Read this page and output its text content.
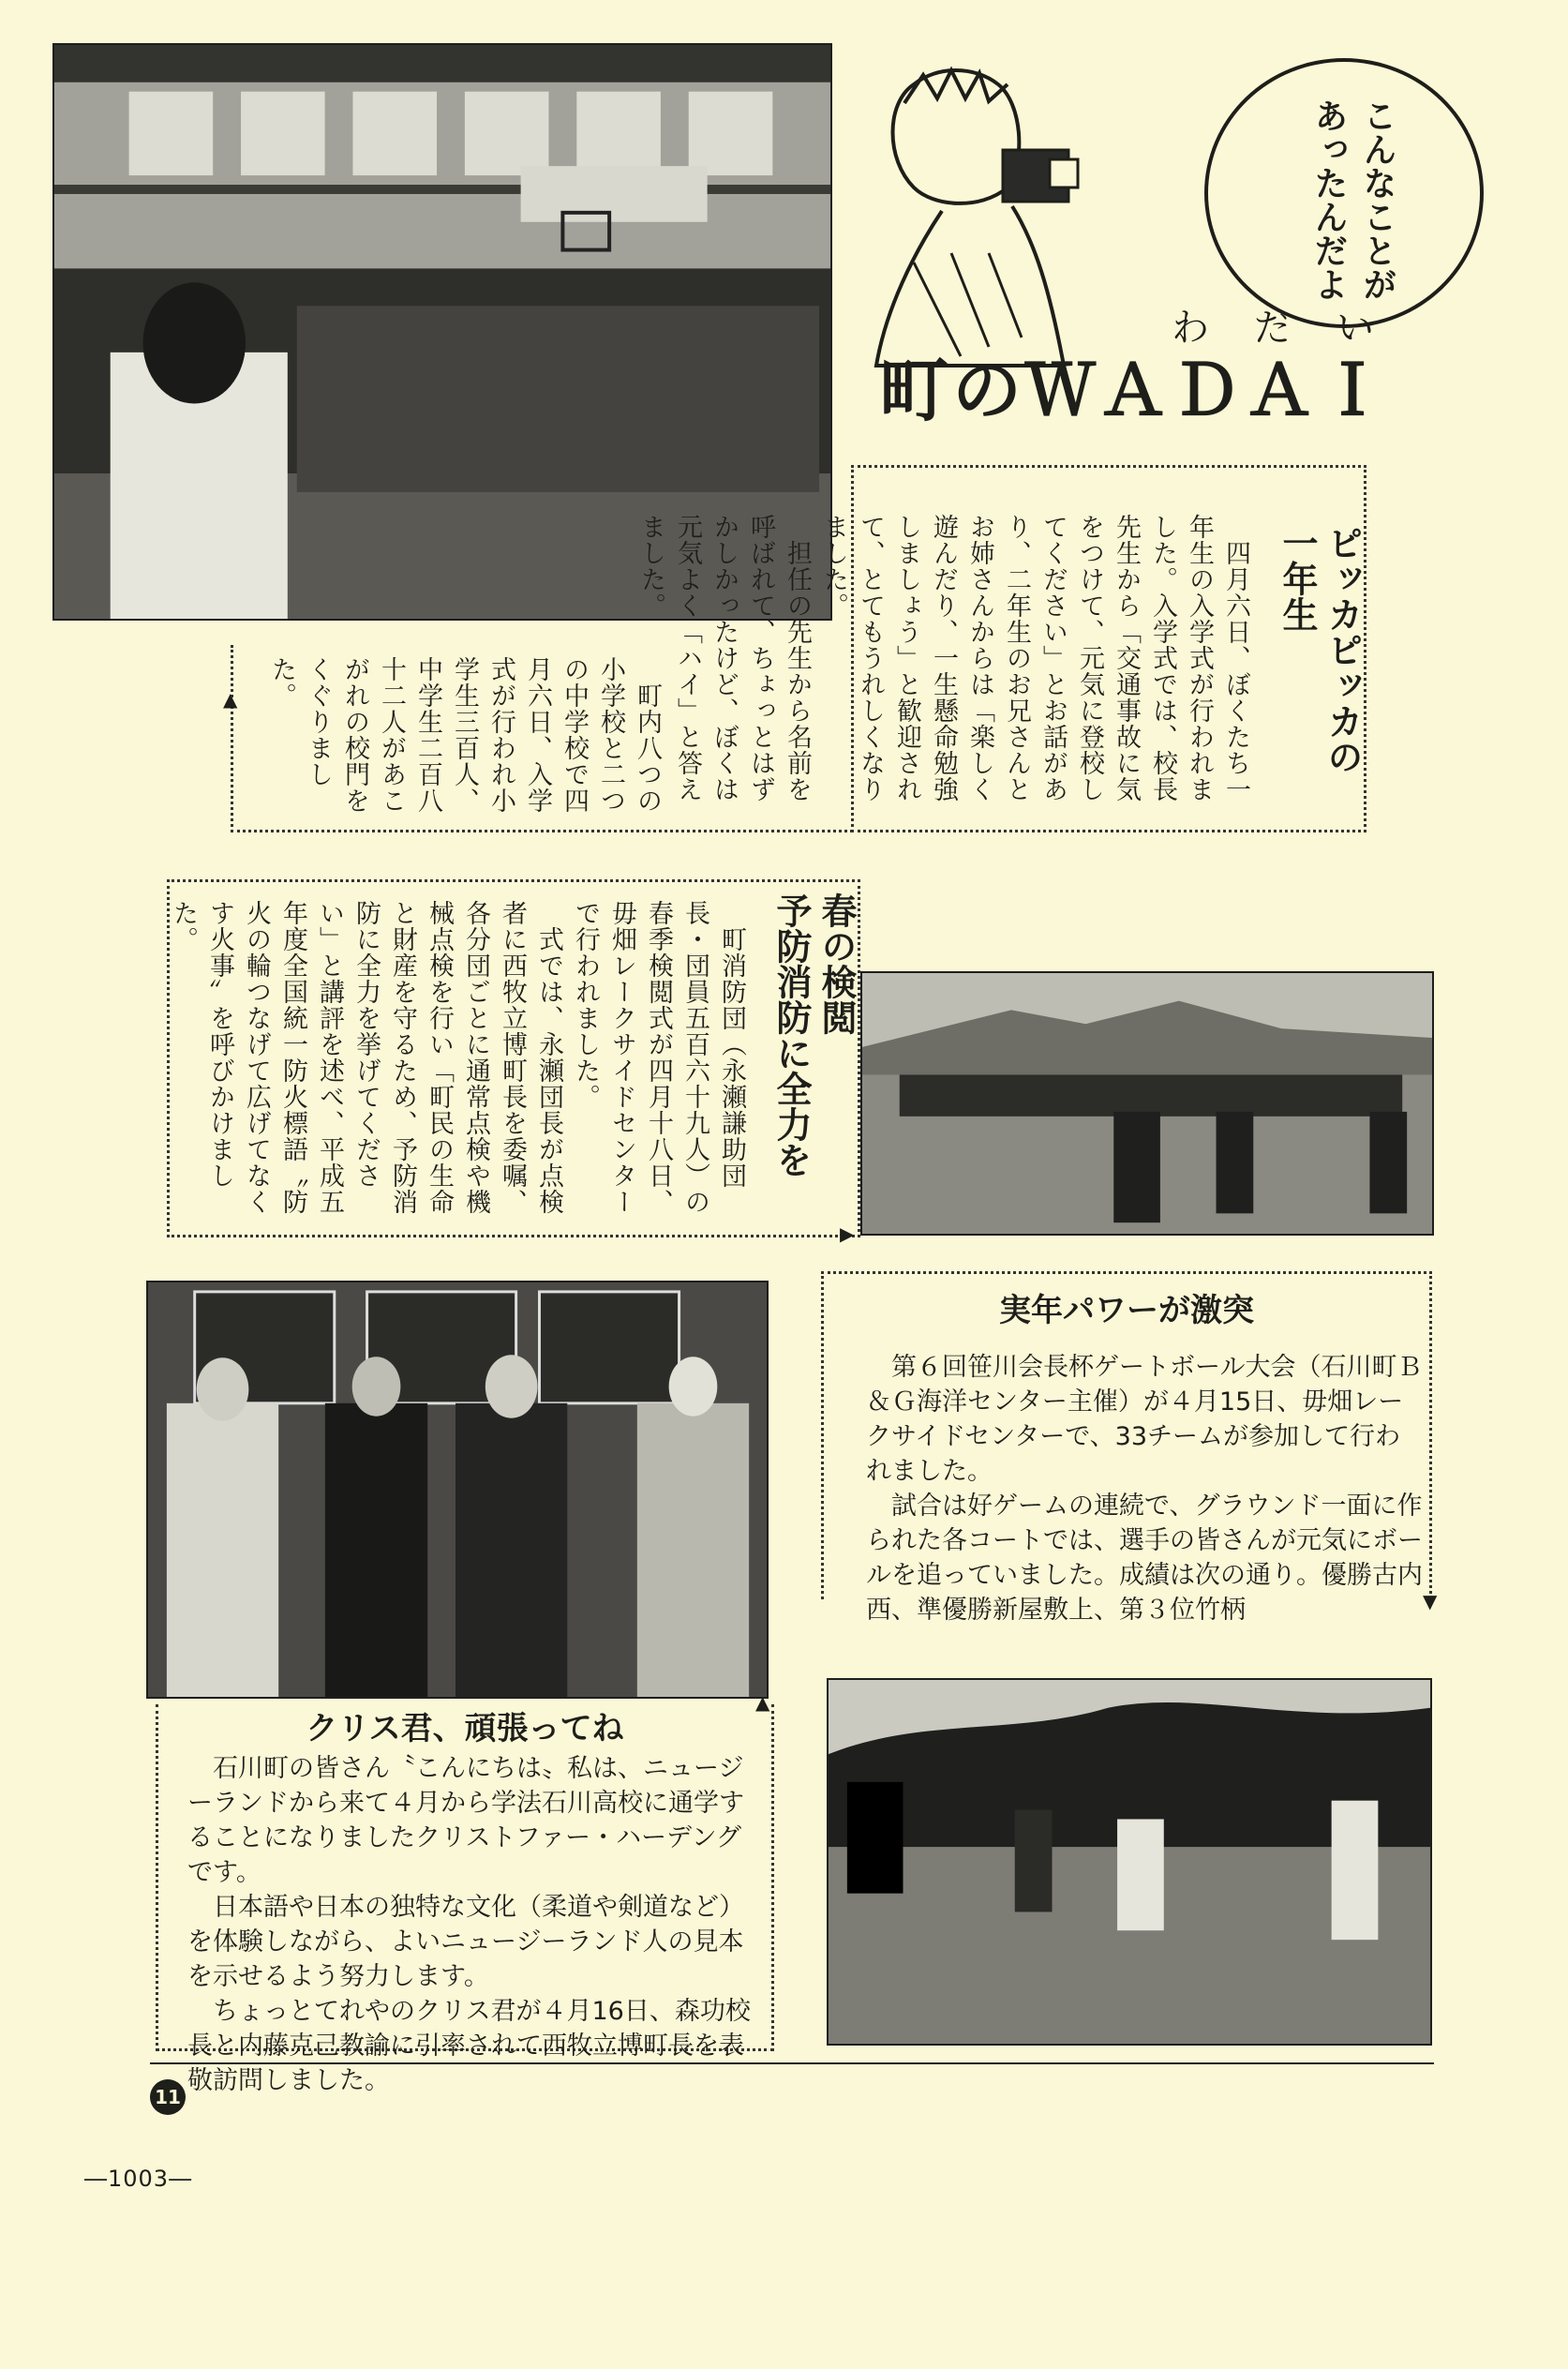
こんなことが
あったんだよ
わ　だ　い
町のＷＡＤＡＩ
ピッカピッカの
一年生
　四月六日、ぼくたち一年生の入学式が行われました。入学式では、校長先生から「交通事故に気をつけて、元気に登校してください」とお話があり、二年生のお兄さんとお姉さんからは「楽しく遊んだり、一生懸命勉強しましょう」と歓迎されて、とてもうれしくなりました。
　担任の先生から名前を呼ばれて、ちょっとはずかしかったけど、ぼくは元気よく「ハイ」と答えました。
　町内八つの小学校と二つの中学校で四月六日、入学式が行われ小学生三百人、中学生二百八十二人があこがれの校門をくぐりました。
▲
春の検閲
予防消防に全力を
　町消防団（永瀬謙助団長・団員五百六十九人）の春季検閲式が四月十八日、毋畑レークサイドセンターで行われました。
　式では、永瀬団長が点検者に西牧立博町長を委嘱、各分団ごとに通常点検や機械点検を行い「町民の生命と財産を守るため、予防消防に全力を挙げてください」と講評を述べ、平成五年度全国統一防火標語〝防火の輪つなげて広げてなくす火事〟を呼びかけました。
▶
▲
クリス君、頑張ってね

石川町の皆さん〝こんにちは〟私は、ニュージーランドから来て４月から学法石川高校に通学することになりましたクリストファー・ハーデングです。

日本語や日本の独特な文化（柔道や剣道など）を体験しながら、よいニュージーランド人の見本を示せるよう努力します。

ちょっとてれやのクリス君が４月16日、森功校長と内藤克己教諭に引率されて西牧立博町長を表敬訪問しました。

実年パワーが激突

第６回笹川会長杯ゲートボール大会（石川町Ｂ＆Ｇ海洋センター主催）が４月15日、毋畑レークサイドセンターで、33チームが参加して行われました。

試合は好ゲームの連続で、グラウンド一面に作られた各コートでは、選手の皆さんが元気にボールを追っていました。成績は次の通り。優勝古内西、準優勝新屋敷上、第３位竹柄	▼
11
―1003―
